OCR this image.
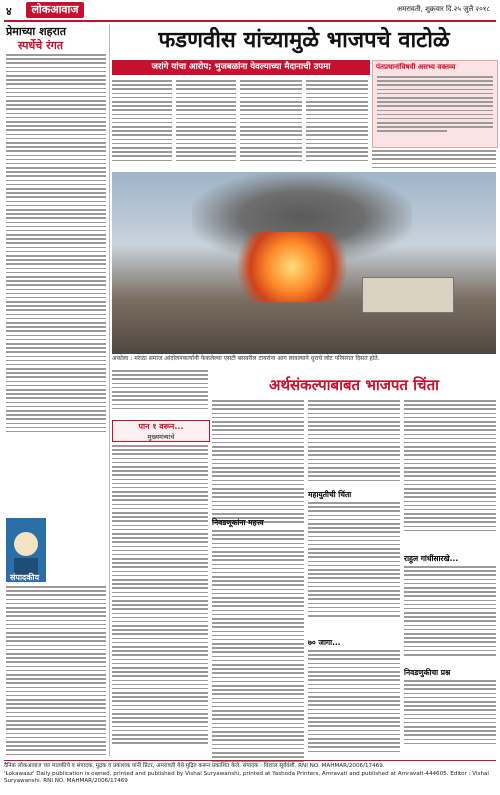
४	लोकआवाज	अमरावती, शुक्रवार दि.२५ जुलै २०१८
प्रेमाच्या शहरात
स्पर्धेचे रंगत	फडणवीस यांच्यामुळे भाजपचे वाटोळे
जरांगे यांचा आरोप; भुजबळांना येवल्याच्या मैदानाची उपमा	पंतप्रधानांविषयी असभ्य वक्तव्य
संपादकीय
अकोला : मराठा समाज आंदोलनकर्त्यांनी फेकलेल्या एसटी बसवरील टायरांना आग लावल्याने धुराचे लोट परिसरात दिसत होते.
अर्थसंकल्पाबाबत भाजपत चिंता
पान १ वरून...
मुख्यमंत्र्यांचे
निवडणूकांना महत्त्व
महायुतीची चिंता
७० जागा...
राहुल गांधींसारखे...
निवडणुकीचा प्रश्न
दैनिक लोकआवाज च्या मालकीचे व संपादक, मुद्रक व प्रकाशक यांनी प्रिंटर, अमरावती येथे मुद्रित करून प्रकाशित केले. संपादक : विशाल सूर्यवंशी. RNI NO. MAHMAR/2006/17469.
'Lokawaaz' Daily publication is owned, printed and published by Vishal Suryawanshi, printed at Yashoda Printers, Amravati and published at Amravati-444605. Editor : Vishal Suryawanshi. RNI NO. MAHMAR/2006/17469
